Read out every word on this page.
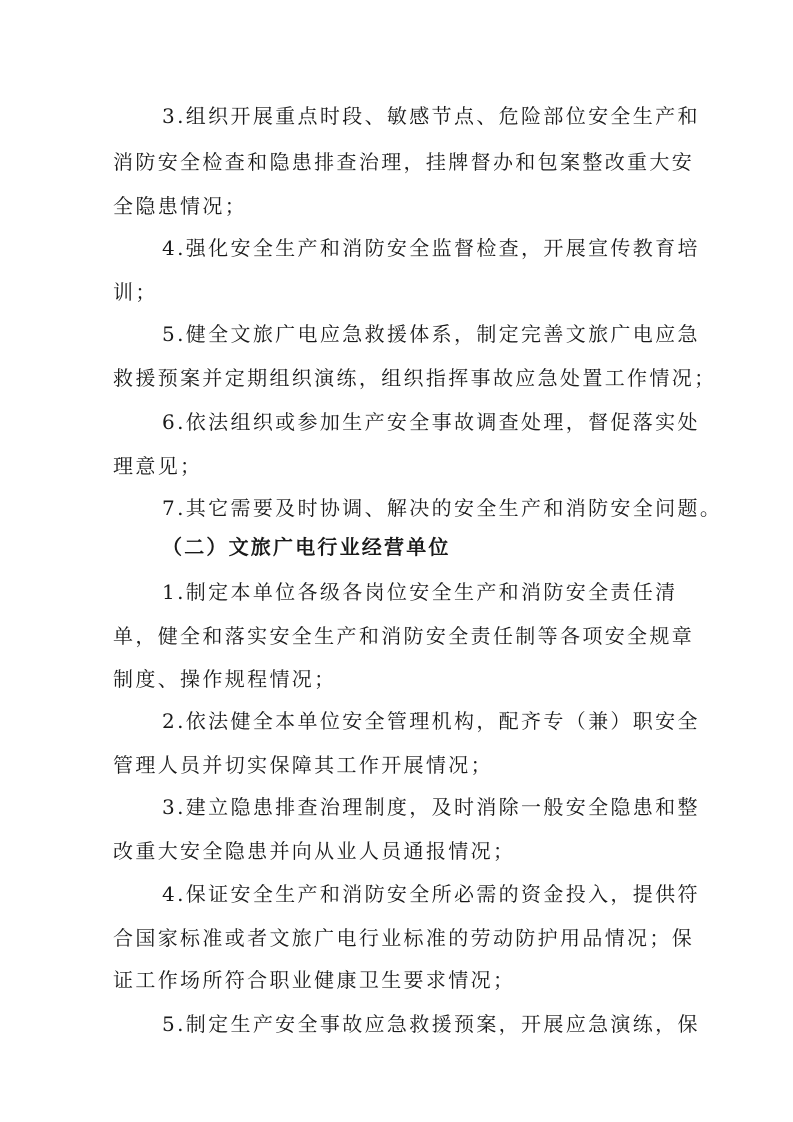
3.组织开展重点时段、敏感节点、危险部位安全生产和
消防安全检查和隐患排查治理，挂牌督办和包案整改重大安
全隐患情况；
4.强化安全生产和消防安全监督检查，开展宣传教育培
训；
5.健全文旅广电应急救援体系，制定完善文旅广电应急
救援预案并定期组织演练，组织指挥事故应急处置工作情况；
6.依法组织或参加生产安全事故调查处理，督促落实处
理意见；
7.其它需要及时协调、解决的安全生产和消防安全问题。
（二）文旅广电行业经营单位
1.制定本单位各级各岗位安全生产和消防安全责任清
单，健全和落实安全生产和消防安全责任制等各项安全规章
制度、操作规程情况；
2.依法健全本单位安全管理机构，配齐专（兼）职安全
管理人员并切实保障其工作开展情况；
3.建立隐患排查治理制度，及时消除一般安全隐患和整
改重大安全隐患并向从业人员通报情况；
4.保证安全生产和消防安全所必需的资金投入，提供符
合国家标准或者文旅广电行业标准的劳动防护用品情况；保
证工作场所符合职业健康卫生要求情况；
5.制定生产安全事故应急救援预案，开展应急演练，保
